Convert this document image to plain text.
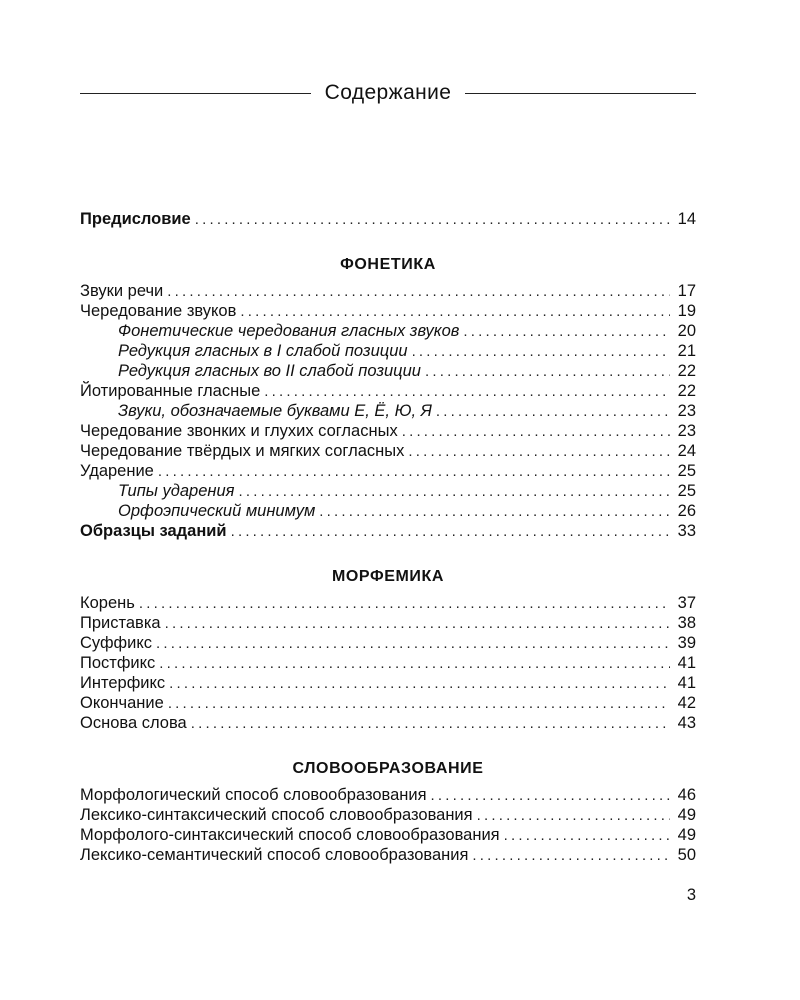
Содержание
Предисловие .....	14
ФОНЕТИКА
Звуки речи .....	17
Чередование звуков .....	19
Фонетические чередования гласных звуков .....	20
Редукция гласных в I слабой позиции .....	21
Редукция гласных во II слабой позиции .....	22
Йотированные гласные .....	22
Звуки, обозначаемые буквами Е, Ё, Ю, Я .....	23
Чередование звонких и глухих согласных .....	23
Чередование твёрдых и мягких согласных .....	24
Ударение .....	25
Типы ударения .....	25
Орфоэпический минимум .....	26
Образцы заданий .....	33
МОРФЕМИКА
Корень .....	37
Приставка .....	38
Суффикс .....	39
Постфикс .....	41
Интерфикс .....	41
Окончание .....	42
Основа слова .....	43
СЛОВООБРАЗОВАНИЕ
Морфологический способ словообразования .....	46
Лексико-синтаксический способ словообразования .....	49
Морфолого-синтаксический способ словообразования .....	49
Лексико-семантический способ словообразования .....	50
3
